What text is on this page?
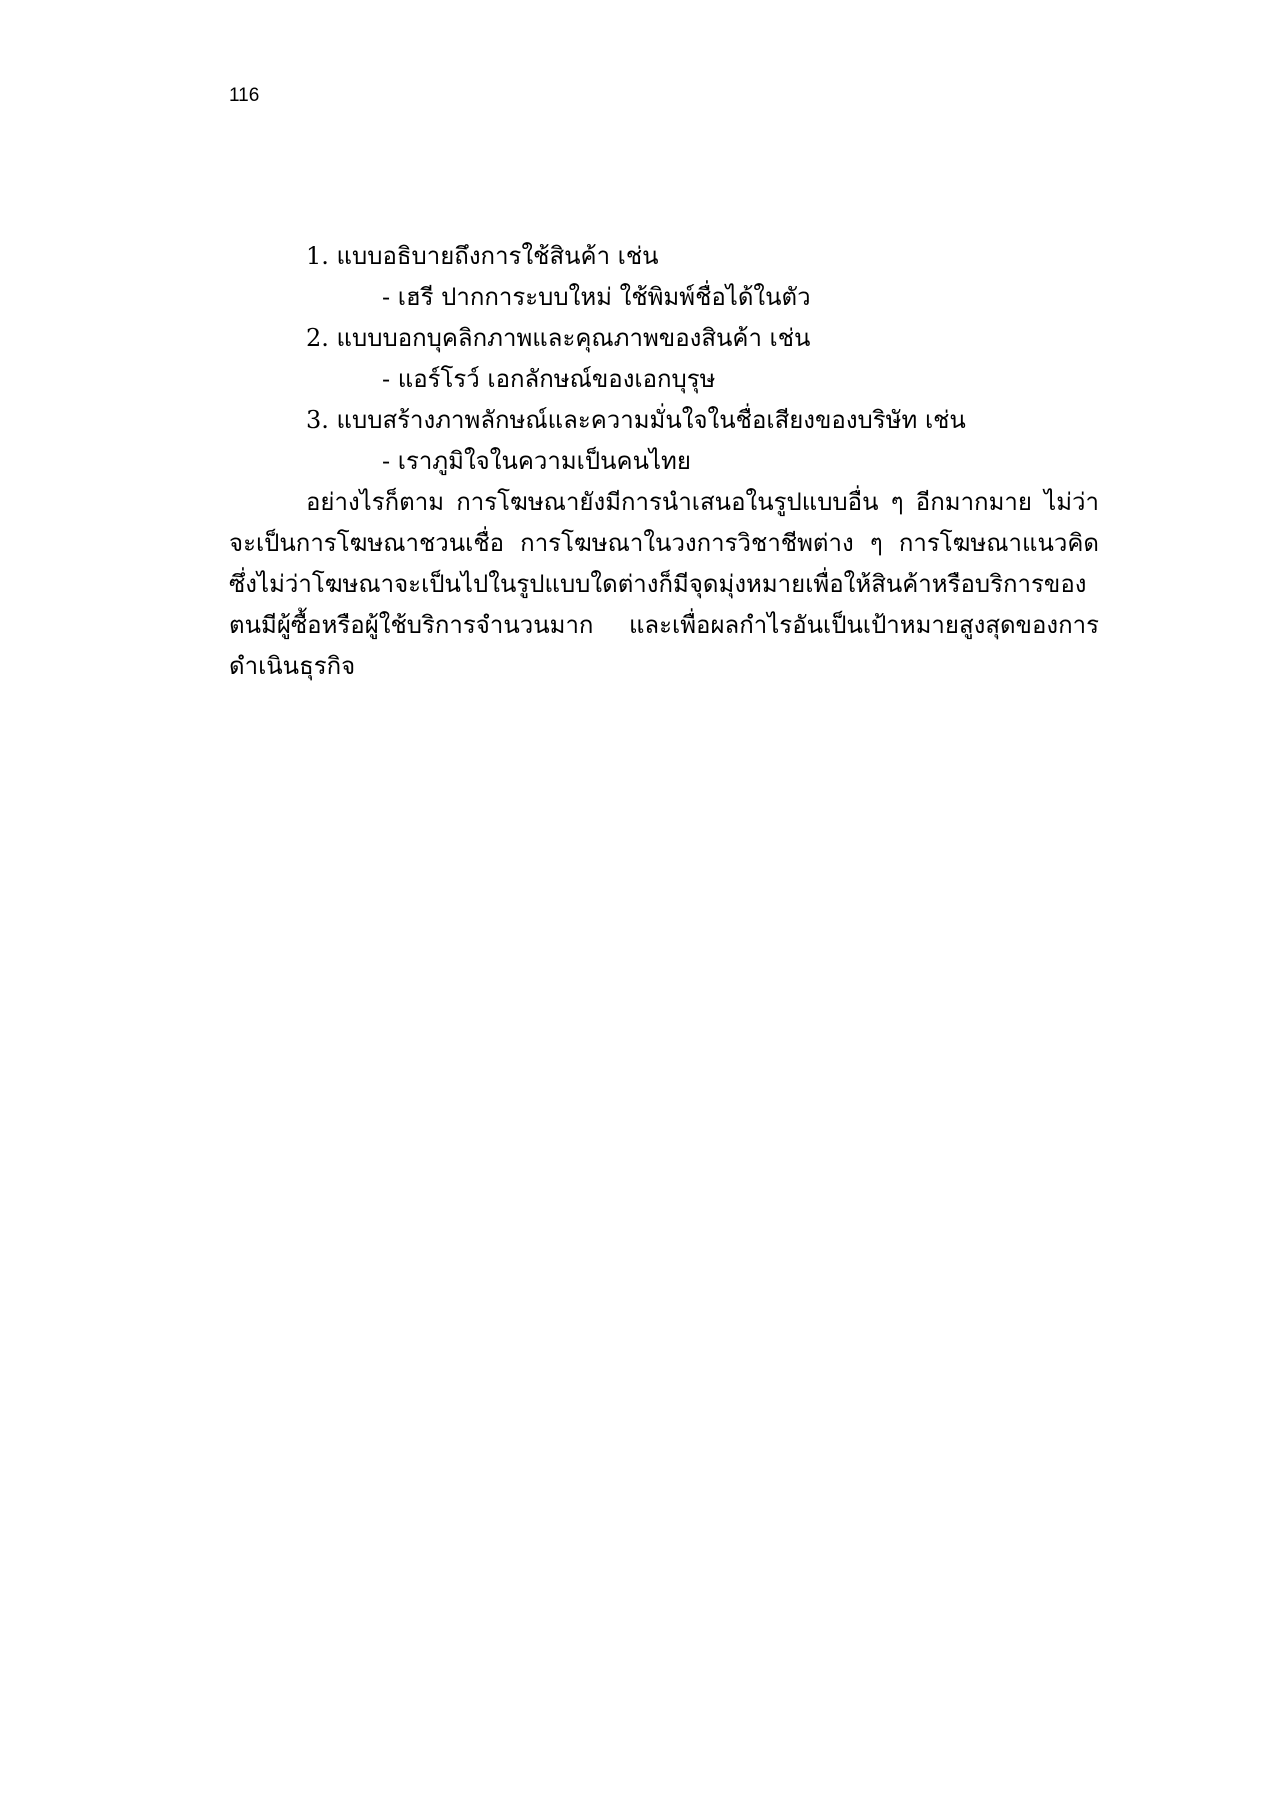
116
1. แบบอธิบายถึงการใช้สินค้า เช่น
- เฮรี ปากการะบบใหม่ ใช้พิมพ์ชื่อได้ในตัว
2. แบบบอกบุคลิกภาพและคุณภาพของสินค้า เช่น
- แอร์โรว์ เอกลักษณ์ของเอกบุรุษ
3. แบบสร้างภาพลักษณ์และความมั่นใจในชื่อเสียงของบริษัท เช่น
- เราภูมิใจในความเป็นคนไทย
อย่างไรก็ตาม การโฆษณายังมีการนำเสนอในรูปแบบอื่น ๆ อีกมากมาย ไม่ว่าจะเป็นการโฆษณาชวนเชื่อ การโฆษณาในวงการวิชาชีพต่าง ๆ การโฆษณาแนวคิด ซึ่งไม่ว่าโฆษณาจะเป็นไปในรูปแบบใดต่างก็มีจุดมุ่งหมายเพื่อให้สินค้าหรือบริการของตนมีผู้ซื้อหรือผู้ใช้บริการจำนวนมาก และเพื่อผลกำไรอันเป็นเป้าหมายสูงสุดของการดำเนินธุรกิจ
